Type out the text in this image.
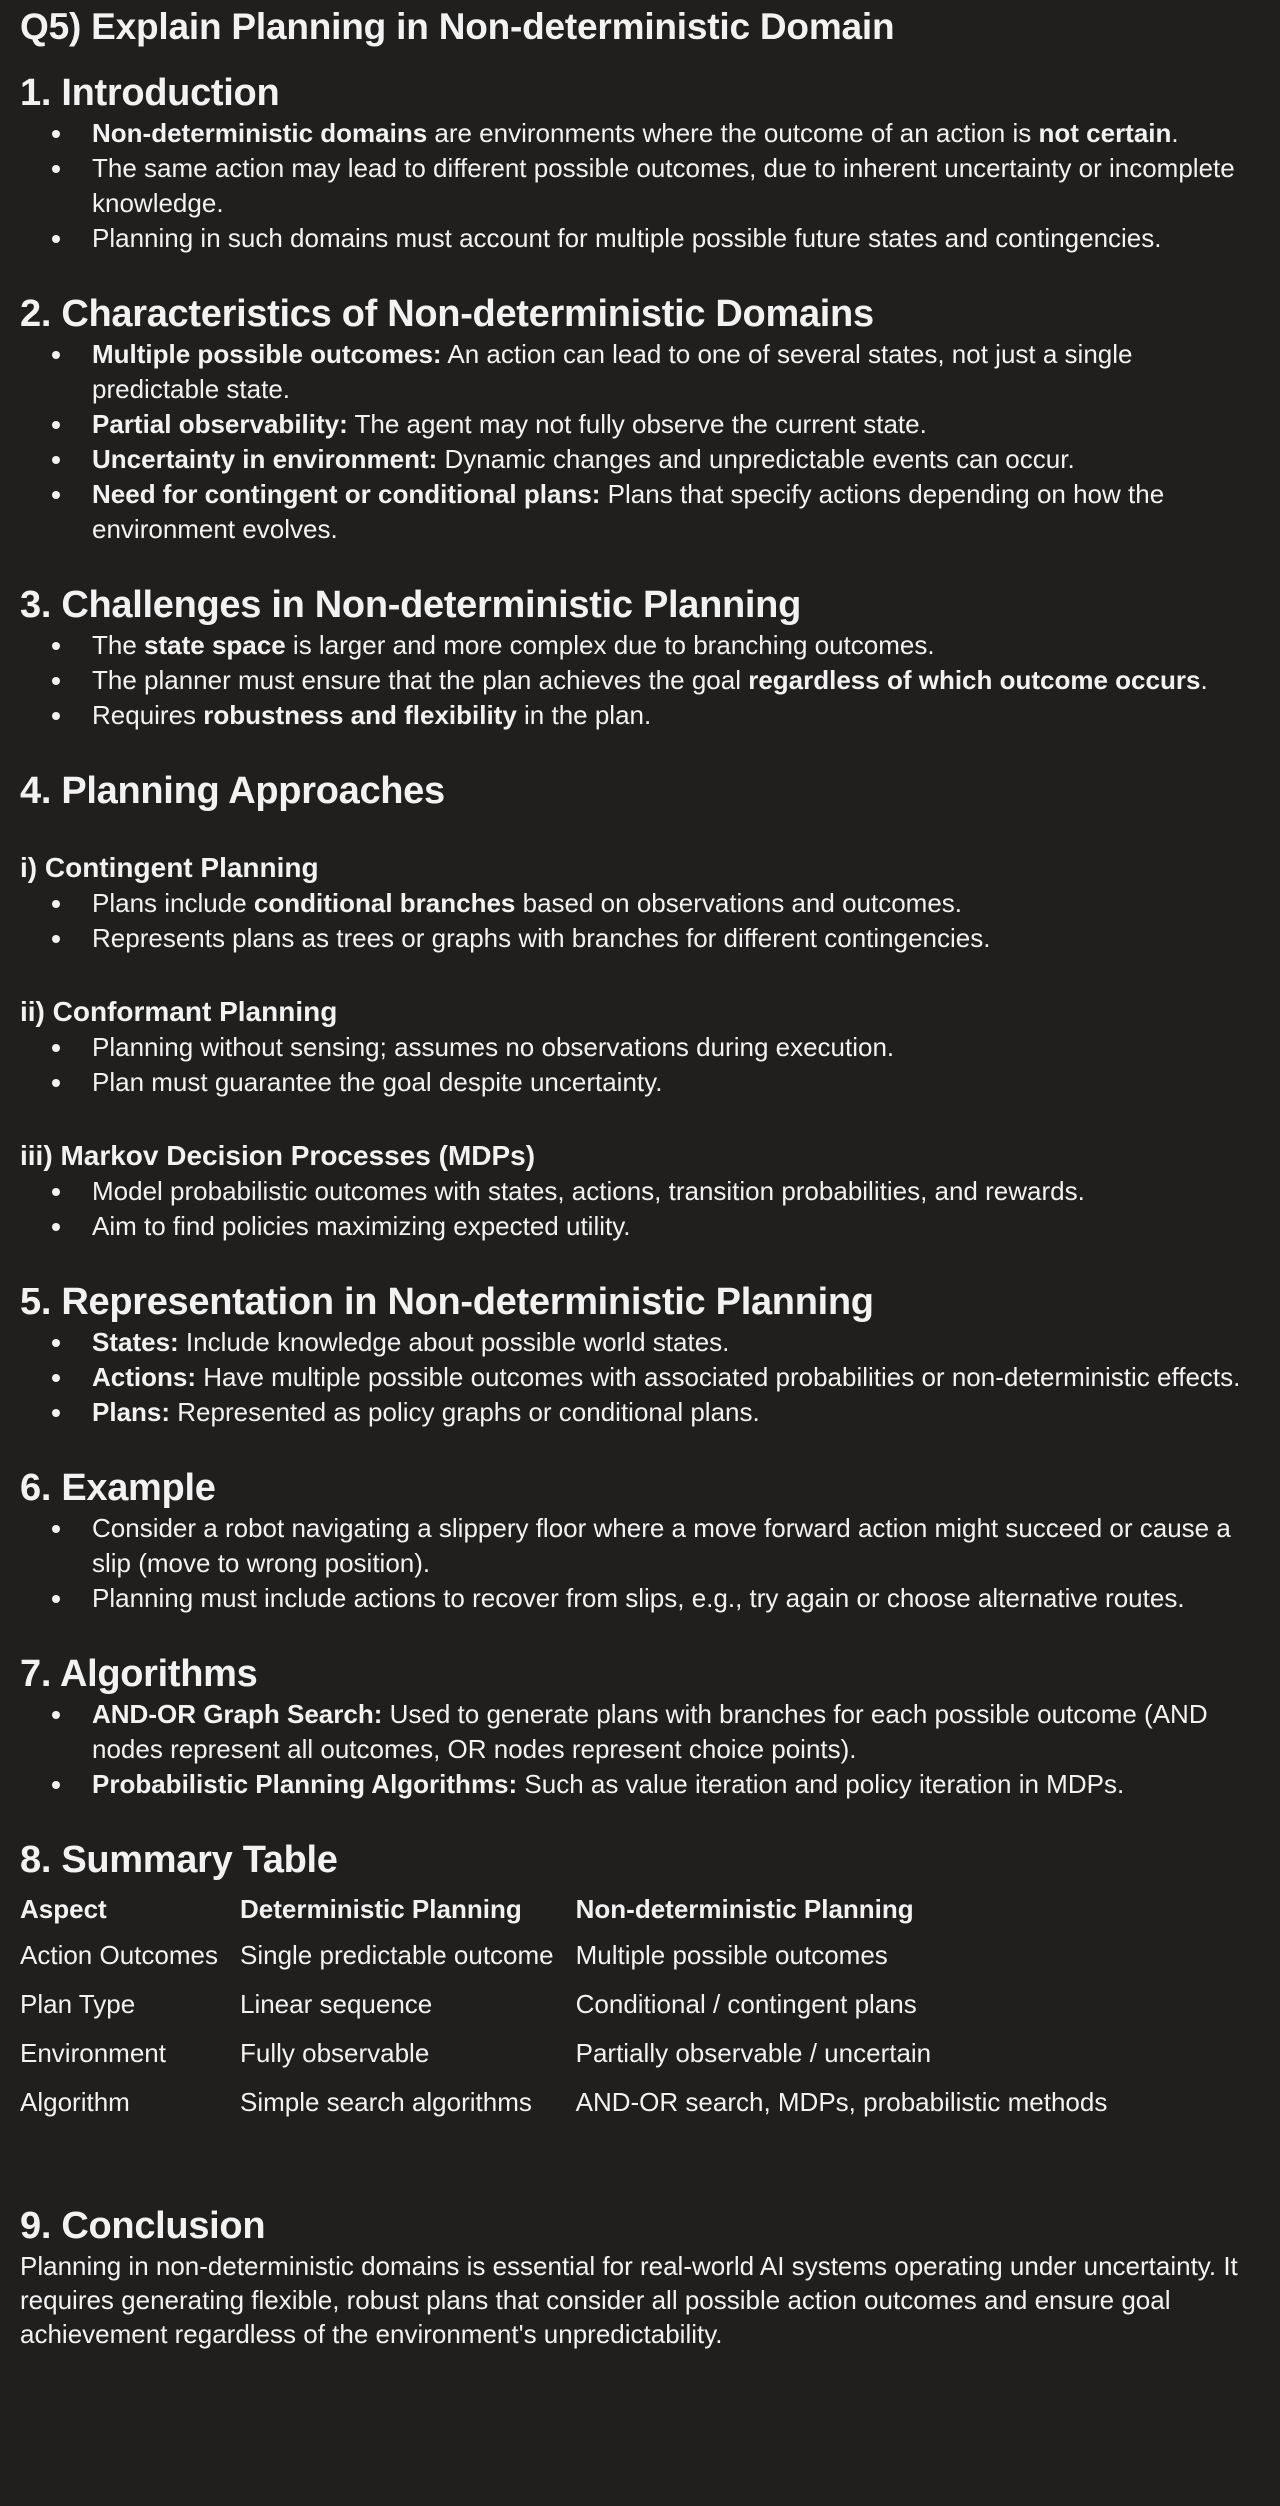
Q5) Explain Planning in Non-deterministic Domain
1. Introduction
Non-deterministic domains are environments where the outcome of an action is not certain.
The same action may lead to different possible outcomes, due to inherent uncertainty or incomplete knowledge.
Planning in such domains must account for multiple possible future states and contingencies.
2. Characteristics of Non-deterministic Domains
Multiple possible outcomes: An action can lead to one of several states, not just a single predictable state.
Partial observability: The agent may not fully observe the current state.
Uncertainty in environment: Dynamic changes and unpredictable events can occur.
Need for contingent or conditional plans: Plans that specify actions depending on how the environment evolves.
3. Challenges in Non-deterministic Planning
The state space is larger and more complex due to branching outcomes.
The planner must ensure that the plan achieves the goal regardless of which outcome occurs.
Requires robustness and flexibility in the plan.
4. Planning Approaches
i) Contingent Planning
Plans include conditional branches based on observations and outcomes.
Represents plans as trees or graphs with branches for different contingencies.
ii) Conformant Planning
Planning without sensing; assumes no observations during execution.
Plan must guarantee the goal despite uncertainty.
iii) Markov Decision Processes (MDPs)
Model probabilistic outcomes with states, actions, transition probabilities, and rewards.
Aim to find policies maximizing expected utility.
5. Representation in Non-deterministic Planning
States: Include knowledge about possible world states.
Actions: Have multiple possible outcomes with associated probabilities or non-deterministic effects.
Plans: Represented as policy graphs or conditional plans.
6. Example
Consider a robot navigating a slippery floor where a move forward action might succeed or cause a slip (move to wrong position).
Planning must include actions to recover from slips, e.g., try again or choose alternative routes.
7. Algorithms
AND-OR Graph Search: Used to generate plans with branches for each possible outcome (AND nodes represent all outcomes, OR nodes represent choice points).
Probabilistic Planning Algorithms: Such as value iteration and policy iteration in MDPs.
8. Summary Table
Aspect	Deterministic Planning	Non-deterministic Planning
Action Outcomes	Single predictable outcome	Multiple possible outcomes
Plan Type	Linear sequence	Conditional / contingent plans
Environment	Fully observable	Partially observable / uncertain
Algorithm	Simple search algorithms	AND-OR search, MDPs, probabilistic methods
9. Conclusion

Planning in non-deterministic domains is essential for real-world AI systems operating under uncertainty. It requires generating flexible, robust plans that consider all possible action outcomes and ensure goal achievement regardless of the environment's unpredictability.
